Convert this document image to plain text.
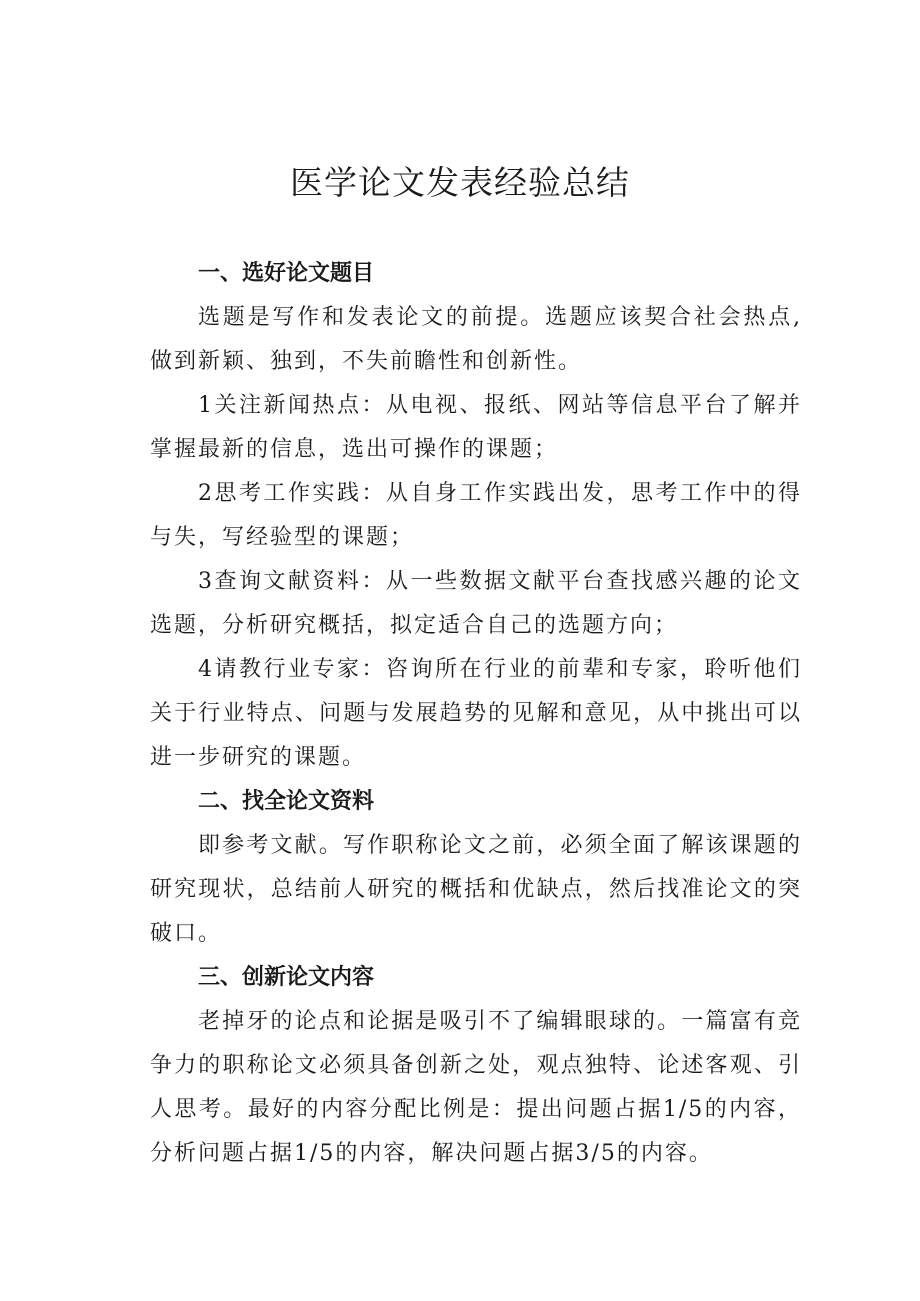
医学论文发表经验总结
一、选好论文题目

选题是写作和发表论文的前提。选题应该契合社会热点,做到新颖、独到，不失前瞻性和创新性。

1关注新闻热点：从电视、报纸、网站等信息平台了解并掌握最新的信息，选出可操作的课题；

2思考工作实践：从自身工作实践出发，思考工作中的得与失，写经验型的课题；

3查询文献资料：从一些数据文献平台查找感兴趣的论文选题，分析研究概括，拟定适合自己的选题方向；

4请教行业专家：咨询所在行业的前辈和专家，聆听他们关于行业特点、问题与发展趋势的见解和意见，从中挑出可以进一步研究的课题。

二、找全论文资料

即参考文献。写作职称论文之前，必须全面了解该课题的研究现状，总结前人研究的概括和优缺点，然后找准论文的突破口。

三、创新论文内容

老掉牙的论点和论据是吸引不了编辑眼球的。一篇富有竞争力的职称论文必须具备创新之处，观点独特、论述客观、引人思考。最好的内容分配比例是：提出问题占据1/5的内容，分析问题占据1/5的内容，解决问题占据3/5的内容。
